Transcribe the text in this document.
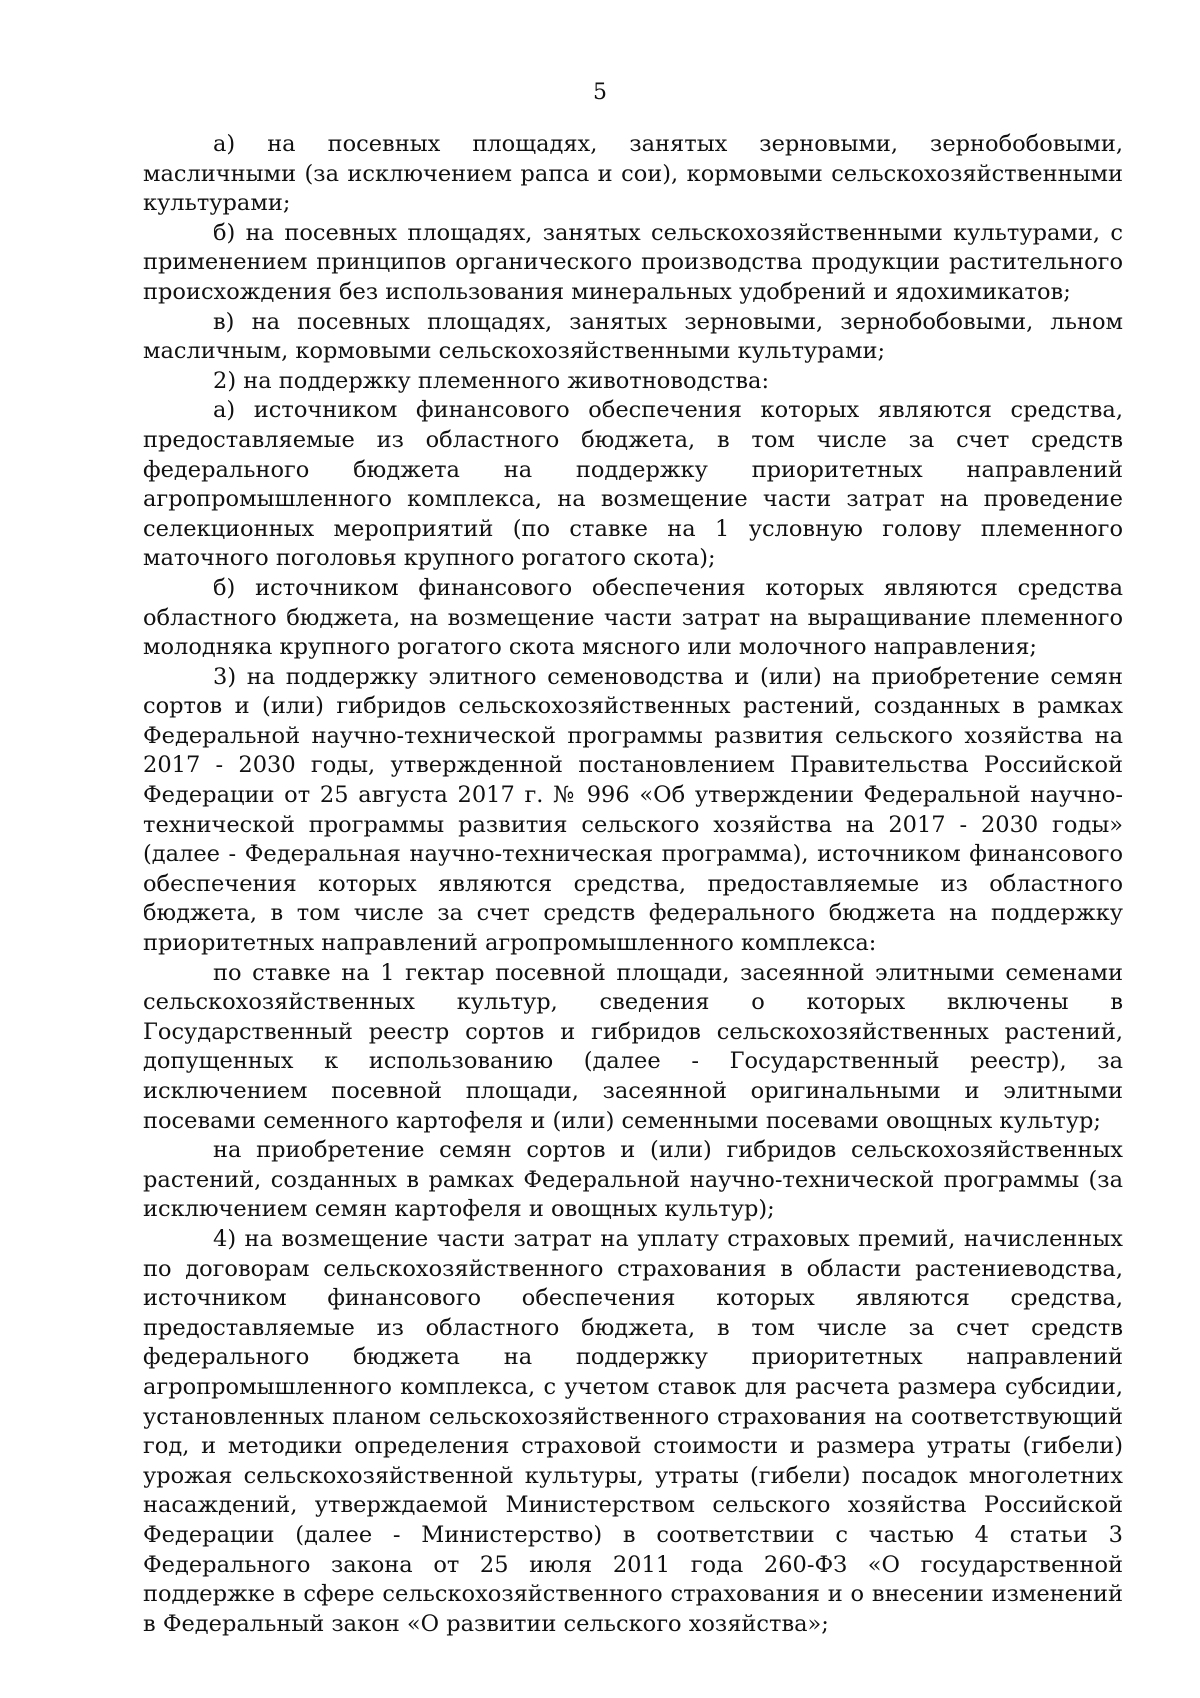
5

а) на посевных площадях, занятых зерновыми, зернобобовыми, масличными (за исключением рапса и сои), кормовыми сельскохозяйственными культурами;

б) на посевных площадях, занятых сельскохозяйственными культурами, с применением принципов органического производства продукции растительного происхождения без использования минеральных удобрений и ядохимикатов;

в) на посевных площадях, занятых зерновыми, зернобобовыми, льном масличным, кормовыми сельскохозяйственными культурами;

2) на поддержку племенного животноводства:

а) источником финансового обеспечения которых являются средства, предоставляемые из областного бюджета, в том числе за счет средств федерального бюджета на поддержку приоритетных направлений агропромышленного комплекса, на возмещение части затрат на проведение селекционных мероприятий (по ставке на 1 условную голову племенного маточного поголовья крупного рогатого скота);

б) источником финансового обеспечения которых являются средства областного бюджета, на возмещение части затрат на выращивание племенного молодняка крупного рогатого скота мясного или молочного направления;

3) на поддержку элитного семеноводства и (или) на приобретение семян сортов и (или) гибридов сельскохозяйственных растений, созданных в рамках Федеральной научно-технической программы развития сельского хозяйства на 2017 - 2030 годы, утвержденной постановлением Правительства Российской Федерации от 25 августа 2017 г. № 996 «Об утверждении Федеральной научно-технической программы развития сельского хозяйства на 2017 - 2030 годы» (далее - Федеральная научно-техническая программа), источником финансового обеспечения которых являются средства, предоставляемые из областного бюджета, в том числе за счет средств федерального бюджета на поддержку приоритетных направлений агропромышленного комплекса:

по ставке на 1 гектар посевной площади, засеянной элитными семенами сельскохозяйственных культур, сведения о которых включены в Государственный реестр сортов и гибридов сельскохозяйственных растений, допущенных к использованию (далее - Государственный реестр), за исключением посевной площади, засеянной оригинальными и элитными посевами семенного картофеля и (или) семенными посевами овощных культур;

на приобретение семян сортов и (или) гибридов сельскохозяйственных растений, созданных в рамках Федеральной научно-технической программы (за исключением семян картофеля и овощных культур);

4) на возмещение части затрат на уплату страховых премий, начисленных по договорам сельскохозяйственного страхования в области растениеводства, источником финансового обеспечения которых являются средства, предоставляемые из областного бюджета, в том числе за счет средств федерального бюджета на поддержку приоритетных направлений агропромышленного комплекса, с учетом ставок для расчета размера субсидии, установленных планом сельскохозяйственного страхования на соответствующий год, и методики определения страховой стоимости и размера утраты (гибели) урожая сельскохозяйственной культуры, утраты (гибели) посадок многолетних насаждений, утверждаемой Министерством сельского хозяйства Российской Федерации (далее - Министерство) в соответствии с частью 4 статьи 3 Федерального закона от 25 июля 2011 года 260-ФЗ «О государственной поддержке в сфере сельскохозяйственного страхования и о внесении изменений в Федеральный закон «О развитии сельского хозяйства»;
